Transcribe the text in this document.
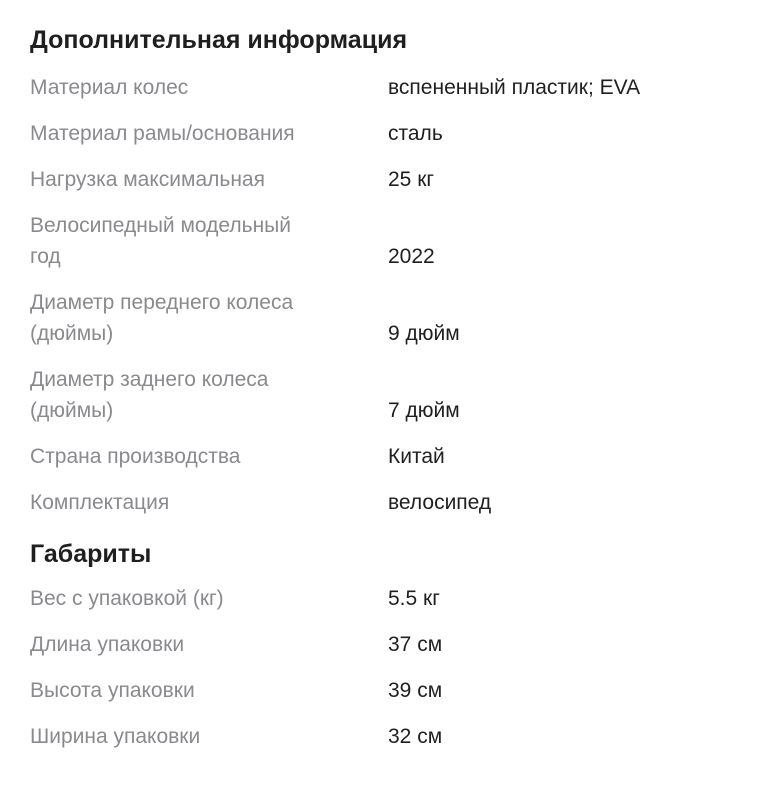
Дополнительная информация
Материал колес	вспененный пластик; EVA
Материал рамы/основания	сталь
Нагрузка максимальная	25 кг
Велосипедный модельный
год	2022
Диаметр переднего колеса
(дюймы)	9 дюйм
Диаметр заднего колеса
(дюймы)	7 дюйм
Страна производства	Китай
Комплектация	велосипед
Габариты
Вес с упаковкой (кг)	5.5 кг
Длина упаковки	37 см
Высота упаковки	39 см
Ширина упаковки	32 см
